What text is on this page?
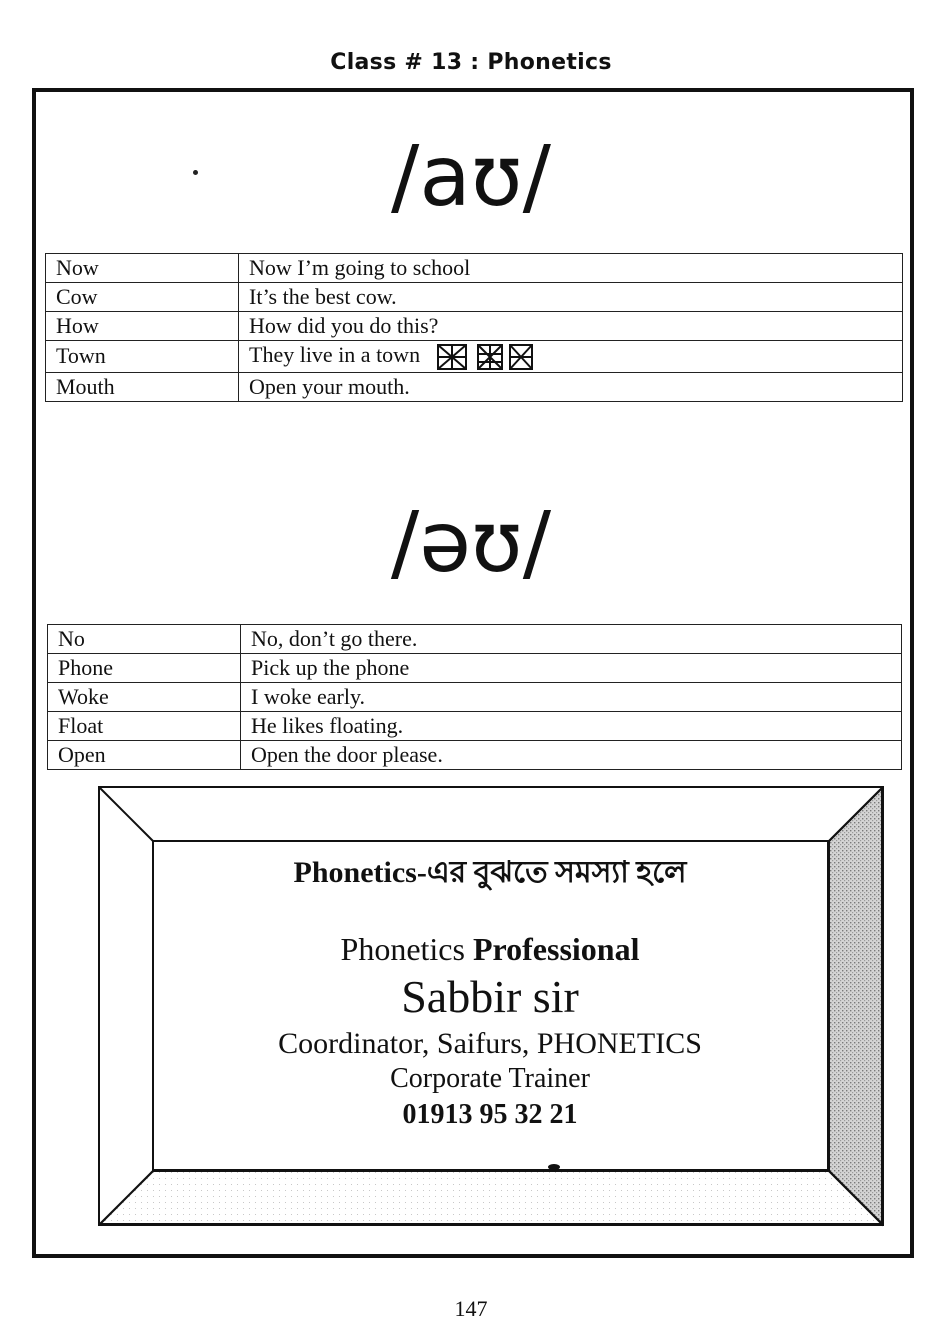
Class # 13 : Phonetics
/aʊ/
Now	Now I’m going to school
Cow	It’s the best cow.
How	How did you do this?
Town	They live in a town
Mouth	Open your mouth.
/əʊ/
No	No, don’t go there.
Phone	Pick up the phone
Woke	I woke early.
Float	He likes floating.
Open	Open the door please.
Phonetics-এর বুঝতে সমস্যা হলে
Phonetics Professional
Sabbir sir
Coordinator, Saifurs, PHONETICS
Corporate Trainer
01913 95 32 21
147
